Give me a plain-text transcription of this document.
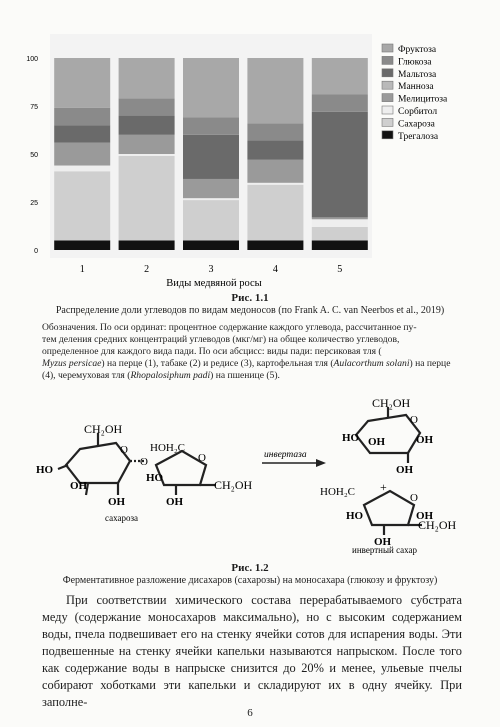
0
25
50
75
100
1	2	3	4	5
Фруктоза
Глюкоза
Мальтоза
Манноза
Мелицитоза
Сорбитол
Сахароза
Трегалоза
Виды медвяной росы
Рис. 1.1
Распределение доли углеводов по видам медоносов (по Frank A. C. van Neerbos et al., 2019)
Обозначения. По оси ординат: процентное содержание каждого углевода, рассчитанное пу-
тем деления средних концентраций углеводов (мкг/мг) на общее количество углеводов,
определенное для каждого вида пади. По оси абсцисс: виды пади: персиковая тля (
Myzus persicae) на перце (1), табаке (2) и редисе (3), картофельная тля (Aulacorthum solani) на перце
(4), черемуховая тля (Rhopalosiphum padi) на пшенице (5).
CH₂OH
O
HO
OH
OH
O
HOH₂C
O
HO
OH
CH₂OH
сахароза
инвертаза
CH₂OH
O
HO OH	OH
OH
+
HOH₂C	O
HO
OH
OH
CH₂OH
инвертный сахар
Рис. 1.2
Ферментативное разложение дисахаров (сахарозы) на моносахара (глюкозу и фруктозу)

При соответствии химического состава перерабатываемого субстрата меду (содержание моносахаров максимально), но с высоким содержанием воды, пчела подвешивает его на стенку ячейки сотов для испарения воды. Эти подвешенные на стенку ячейки капельки называются напрыском. После того как содержание воды в напрыске снизится до 20% и менее, ульевые пчелы собирают хоботками эти капельки и складируют их в одну ячейку. При заполне-

6
